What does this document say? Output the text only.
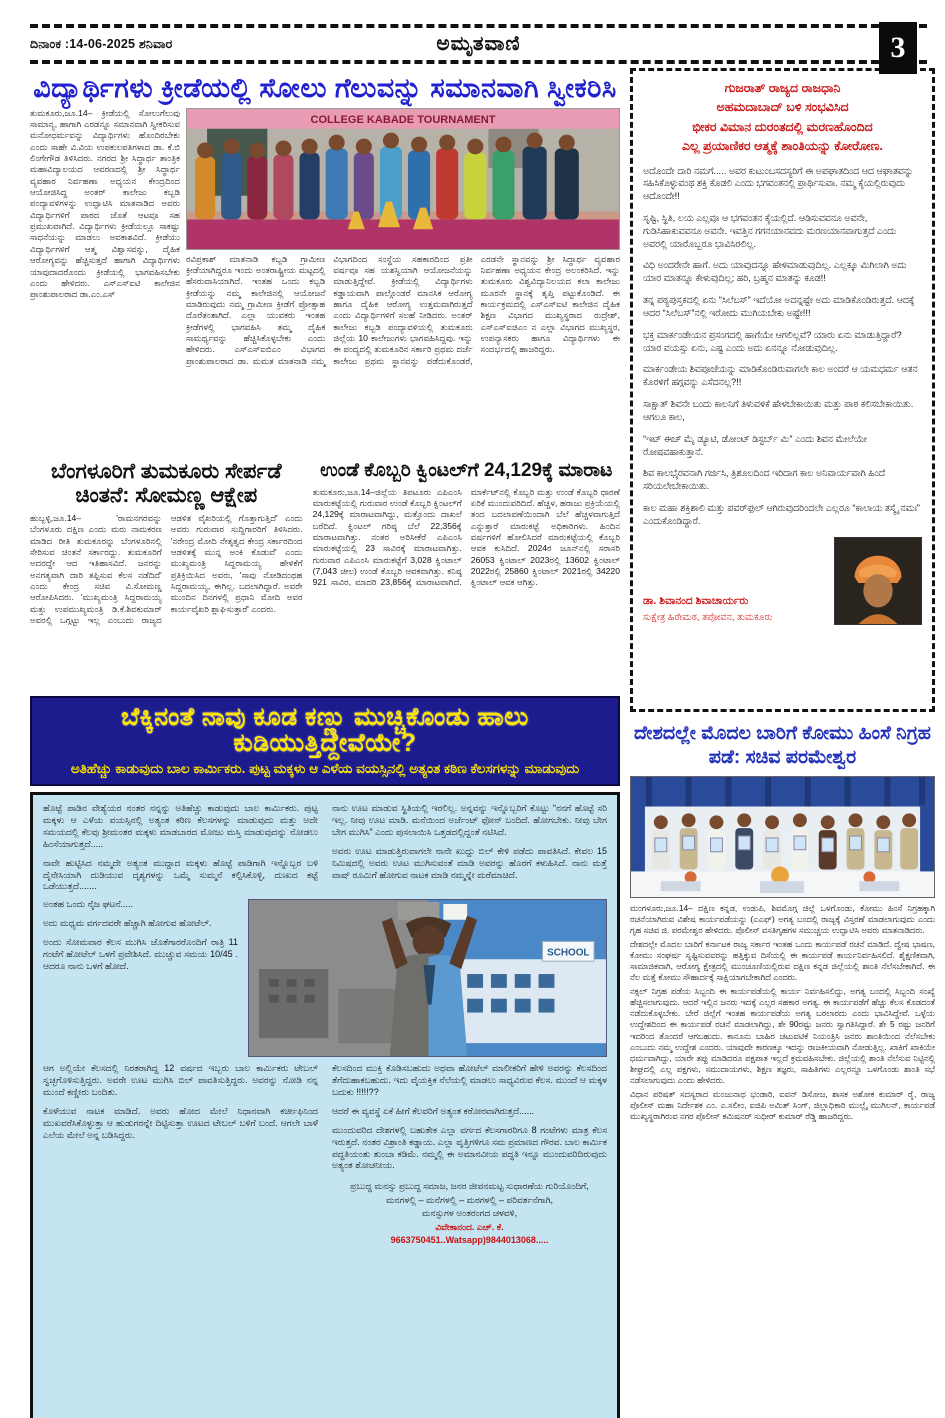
ದಿನಾಂಕ :14-06-2025 ಶನಿವಾರ	ಅಮೃತವಾಣಿ	3
ವಿದ್ಯಾರ್ಥಿಗಳು ಕ್ರೀಡೆಯಲ್ಲಿ ಸೋಲು ಗೆಲುವನ್ನು ಸಮಾನವಾಗಿ ಸ್ವೀಕರಿಸಿ
ತುಮಕೂರು,ಜೂ.14– ಕ್ರೀಡೆಯಲ್ಲಿ ಸೋಲುಗೆಲುವು ಸಾಮಾನ್ಯ, ಹಾಗಾಗಿ ಎರಡನ್ನೂ ಸಮಾನವಾಗಿ ಸ್ವೀಕರಿಸುವ ಮನೋಧರ್ಮವನ್ನು ವಿದ್ಯಾರ್ಥಿಗಳು ಹೊಂದಿರಬೇಕು ಎಂದು ಸಾಹೇ ವಿ.ವಿಯ ಉಪಕುಲಪತಿಗಳಾದ ಡಾ. ಕೆ.ಬಿ ಲಿಂಗೇಗೌಡ ತಿಳಿಸಿದರು. ನಗರದ ಶ್ರೀ ಸಿದ್ಧಾರ್ಥ ತಾಂತ್ರಿಕ ಮಹಾವಿದ್ಯಾಲಯದ ಆವರಣದಲ್ಲಿ ಶ್ರೀ ಸಿದ್ಧಾರ್ಥ ವ್ಯವಹಾರ ನಿರ್ವಹಣಾ ಅಧ್ಯಯನ ಕೇಂದ್ರದಿಂದ ಆಯೋಜಿಸಿದ್ದ ಅಂತರ್ ಕಾಲೇಜು ಕಬ್ಬಡಿ ಪಂದ್ಯಾವಳಿಗಳನ್ನು ಉದ್ಘಾಟಿಸಿ ಮಾತನಾಡಿದ ಅವರು ವಿದ್ಯಾರ್ಥಿಗಳಿಗೆ ಪಾಠದ ಜೊತೆ ಆಟವೂ ಸಹ ಪ್ರಮುಖವಾಗಿದೆ. ವಿದ್ಯಾರ್ಥಿಗಳು ಕ್ರೀಡೆಯಲ್ಲೂ ಸಾಕಷ್ಟು ಸಾಧನೆಯನ್ನು ಮಾಡಲು ಅವಕಾಶವಿದೆ. ಕ್ರೀಡೆಯು ವಿದ್ಯಾರ್ಥಿಗಳಿಗೆ ಆತ್ಮ ವಿಶ್ವಾಸವನ್ನು, ದೈಹಿಕ ಆರೋಗ್ಯವನ್ನು ಹೆಚ್ಚಿಸುತ್ತದೆ ಹಾಗಾಗಿ ವಿದ್ಯಾರ್ಥಿಗಳು ಯಾವುದಾದರೊಂದು ಕ್ರೀಡೆಯಲ್ಲಿ ಭಾಗವಹಿಸಬೇಕು ಎಂದು ಹೇಳಿದರು. ಎಸ್‌ಎಸ್‌ಐಟಿ ಕಾಲೇಜಿನ ಪ್ರಾಂಶುಪಾಲರಾದ ಡಾ.ಎಂ.ಎಸ್
COLLEGE KABADE TOURNAMENT
ರವಿಪ್ರಕಾಶ್ ಮಾತನಾಡಿ ಕಬ್ಬಡಿ ಗ್ರಾಮೀಣ ಕ್ರೀಡೆಯಾಗಿದ್ದರೂ ಇಂದು ಅಂತರಾಷ್ಟ್ರೀಯ ಮಟ್ಟದಲ್ಲಿ ಹೆಸರುವಾಸಿಯಾಗಿದೆ. ಇಂತಹ ಒಂದು ಕಬ್ಬಡಿ ಕ್ರೀಡೆಯನ್ನು ನಮ್ಮ ಕಾಲೇಜಿನಲ್ಲಿ ಆಯೋಜನೆ ಮಾಡಿರುವುದು ನಮ್ಮ ಗ್ರಾಮೀಣ ಕ್ರೀಡೆಗೆ ಪ್ರೋತ್ಸಾಹ ದೊರೆತಂತಾಗಿದೆ. ಎಲ್ಲಾ ಯುವಕರು ಇಂತಹ ಕ್ರೀಡೆಗಳಲ್ಲಿ ಭಾಗವಹಿಸಿ ತಮ್ಮ ದೈಹಿಕ ಸಾಮರ್ಥ್ಯವನ್ನು ಹೆಚ್ಚಿಸಿಕೊಳ್ಳಬೇಕು ಎಂದು ಹೇಳಿದರು. ಎಸ್‌ಎಸ್‌ಐಬಿಎಂ ವಿಭಾಗದ ಪ್ರಾಂಶುಪಾಲರಾದ ಡಾ. ಮಮತ ಮಾತನಾಡಿ ನಮ್ಮ ವಿಭಾಗದಿಂದ ಸಂಸ್ಥೆಯ ಸಹಕಾರದಿಂದ ಪ್ರತೀ ವರ್ಷವೂ ಸಹ ಯಶಸ್ವಿಯಾಗಿ ಆಯೋಜನೆಯನ್ನು ಮಾಡುತ್ತಿದ್ದೇವೆ. ಕ್ರೀಡೆಯಲ್ಲಿ ವಿದ್ಯಾರ್ಥಿಗಳು ಕಡ್ಡಾಯವಾಗಿ ಪಾಲ್ಗೊಂಡರೆ ಮಾನಸಿಕ ಆರೋಗ್ಯ ಹಾಗೂ ದೈಹಿಕ ಆರೋಗ್ಯ ಉತ್ತಮವಾಗಿರುತ್ತದೆ ಎಂದು ವಿದ್ಯಾರ್ಥಿಗಳಿಗೆ ಸಲಹೆ ನೀಡಿದರು. ಅಂತರ್ ಕಾಲೇಜು ಕಬ್ಬಡಿ ಪಂದ್ಯಾವಳಿಯಲ್ಲಿ ತುಮಕೂರು ಜಿಲ್ಲೆಯ 10 ಕಾಲೇಜುಗಳು ಭಾಗವಹಿಸಿದ್ದವು. ಇನ್ನು ಈ ಪಂದ್ಯದಲ್ಲಿ ತುಮಕೂರಿನ ಸರ್ಕಾರಿ ಪ್ರಥಮ ದರ್ಜೆ ಕಾಲೇಜು ಪ್ರಥಮ ಸ್ಥಾನವನ್ನು ಪಡೆದುಕೊಂಡರೆ, ಎರಡನೇ ಸ್ಥಾನವನ್ನು ಶ್ರೀ ಸಿದ್ಧಾರ್ಥ ವ್ಯವಹಾರ ನಿರ್ವಹಣಾ ಅಧ್ಯಯನ ಕೇಂದ್ರ ಅಲಂಕರಿಸಿದೆ. ಇನ್ನು ತುಮಕೂರು ವಿಶ್ವವಿದ್ಯಾನಿಲಯದ ಕಲಾ ಕಾಲೇಜು ಮೂರನೇ ಸ್ಥಾನಕ್ಕೆ ತೃಪ್ತಿ ಪಟ್ಟುಕೊಂಡಿದೆ. ಈ ಕಾರ್ಯಕ್ರಮದಲ್ಲಿ ಎಸ್‌ಎಸ್‌ಐಟಿ ಕಾಲೇಜಿನ ದೈಹಿಕ ಶಿಕ್ಷಣ ವಿಭಾಗದ ಮುಖ್ಯಸ್ಥರಾದ ರುದ್ರೇಶ್, ಎಸ್‌ಎಸ್‌ಐಜಿಎಂ ನ ಎಲ್ಲಾ ವಿಭಾಗದ ಮುಖ್ಯಸ್ಥರ, ಉಪನ್ಯಾಸಕರು ಹಾಗೂ ವಿದ್ಯಾರ್ಥಿಗಳು ಈ ಸಂದರ್ಭದಲ್ಲಿ ಹಾಜರಿದ್ದರು.
ಬೆಂಗಳೂರಿಗೆ ತುಮಕೂರು ಸೇರ್ಪಡೆ ಚಿಂತನೆ: ಸೋಮಣ್ಣ ಆಕ್ಷೇಪ
ಹುಬ್ಬಳ್ಳಿ,ಜೂ.14– 'ರಾಮನಗರವನ್ನು ಬೆಂಗಳೂರು ದಕ್ಷಿಣ ಎಂದು ಮರು ನಾಮಕರಣ ಮಾಡಿದ ರೀತಿ ತುಮಕೂರನ್ನು ಬೆಂಗಳೂರಿನಲ್ಲಿ ಸೇರಿಸುವ ಚಿಂತನೆ ಸರ್ಕಾರದ್ದು. ತುಮಕೂರಿಗೆ ಅದರದ್ದೇ ಆದ ಇತಿಹಾಸವಿದೆ. ಜನರನ್ನು ಅನಗತ್ಯವಾಗಿ ದಾರಿ ತಪ್ಪಿಸುವ ಕೆಲಸ ನಡೆದಿದೆ' ಎಂದು ಕೇಂದ್ರ ಸಚಿವ ವಿ.ಸೋಮಣ್ಣ ಆರೋಪಿಸಿದರು. 'ಮುಖ್ಯಮಂತ್ರಿ ಸಿದ್ದರಾಮಯ್ಯ ಮತ್ತು ಉಪಮುಖ್ಯಮಂತ್ರಿ ಡಿ.ಕೆ.ಶಿವಕುಮಾರ್ ಅವರಲ್ಲಿ ಒಗ್ಗಟ್ಟು ಇಲ್ಲ ಎಂಬುದು ರಾಜ್ಯದ ಆಡಳಿತ ವೈಖರಿಯಲ್ಲಿ ಗೊತ್ತಾಗುತ್ತಿದೆ' ಎಂದು ಅವರು ಗುರುವಾರ ಸುದ್ದಿಗಾರರಿಗೆ ತಿಳಿಸಿದರು. 'ನರೇಂದ್ರ ಮೋದಿ ನೇತೃತ್ವದ ಕೇಂದ್ರ ಸರ್ಕಾರದಿಂದ ಆಡಳಿತಕ್ಕೆ ಮುನ್ನ ಅಂಕಿ ಕೊಡುವೆ' ಎಂದು ಮುಖ್ಯಮಂತ್ರಿ ಸಿದ್ದರಾಮಯ್ಯ ಹೇಳಿಕೆಗೆ ಪ್ರತಿಕ್ರಿಯಿಸಿದ ಅವರು, 'ಸಾವು ನೋಡಿದಂಥಹ ಸಿದ್ದರಾಮಯ್ಯ, ಈಗಿಲ್ಲ. ಬದಲಾಗಿದ್ದಾರೆ. ಅವರೇ ಮುಂದಿನ ದಿನಗಳಲ್ಲಿ ಪ್ರಧಾನಿ ಮೋದಿ ಅವರ ಕಾರ್ಯವೈಖರಿ ಶ್ಲಾಘಿಸುತ್ತಾರೆ' ಎಂದರು.
ಉಂಡೆ ಕೊಬ್ಬರಿ ಕ್ವಿಂಟಲ್‌ಗೆ 24,129ಕ್ಕೆ ಮಾರಾಟ
ತುಮಕೂರು,ಜೂ.14–ಜಿಲ್ಲೆಯ ತಿಪಟೂರು ಎಪಿಎಂಸಿ ಮಾರುಕಟ್ಟೆಯಲ್ಲಿ ಗುರುವಾರ ಉಂಡೆ ಕೊಬ್ಬರಿ ಕ್ವಿಂಟಲ್‌ಗೆ 24,129ಕ್ಕೆ ಮಾರಾಟವಾಗಿದ್ದು, ಮತ್ತೊಂದು ದಾಖಲೆ ಬರೆದಿದೆ. ಕ್ವಿಂಟಲ್ ಗರಿಷ್ಠ ಬೆಲೆ 22,356ಕ್ಕೆ ಮಾರಾಟವಾಗಿತ್ತು. ನಂತರ ಅರಿಸೀಕೆರೆ ಎಪಿಎಂಸಿ ಮಾರುಕಟ್ಟೆಯಲ್ಲಿ 23 ಸಾವಿರಕ್ಕೆ ಮಾರಾಟವಾಗಿತ್ತು. ಗುರುವಾರ ಎಪಿಎಂಸಿ ಮಾರುಕಟ್ಟೆಗೆ 3,028 ಕ್ವಿಂಟಾಲ್ (7,043 ಚೀಲ) ಉಂಡೆ ಕೊಬ್ಬರಿ ಆವಕವಾಗಿತ್ತು. ಕನಿಷ್ಠ 921 ಸಾವಿರ, ಮಾದರಿ 23,856ಕ್ಕೆ ಮಾರಾಟವಾಗಿದೆ. ಮಾರ್ಕೆಟ್‌ನಲ್ಲಿ ಕೊಬ್ಬರಿ ಮತ್ತು ಉಂಡೆ ಕೊಬ್ಬರಿ ಧಾರಣೆ ಏರಿಕೆ ಮುಂದುವರಿದಿದೆ. ಹೆಚ್ಚಳ, ಹರಾಜು ಪ್ರಕ್ರಿಯೆಯಲ್ಲಿ ತಂದ ಬದಲಾವಣೆಯಿಂದಾಗಿ ಬೆಲೆ ಹೆಚ್ಚಳವಾಗುತ್ತಿದೆ ಎನ್ನುತ್ತಾರೆ ಮಾರುಕಟ್ಟೆ ಅಧಿಕಾರಿಗಳು. ಹಿಂದಿನ ವರ್ಷಗಳಿಗೆ ಹೋಲಿಸಿದರೆ ಮಾರುಕಟ್ಟೆಯಲ್ಲಿ ಕೊಬ್ಬರಿ ಆವಕ ಕುಸಿದಿದೆ. 2024ರ ಜೂನ್‌ನಲ್ಲಿ ಸರಾಸರಿ 26053 ಕ್ವಿಂಟಾಲ್ 2023ರಲ್ಲಿ 13602 ಕ್ವಿಂಟಾಲ್ 2022ರಲ್ಲಿ 25860 ಕ್ವಿಂಟಾಲ್ 2021ರಲ್ಲಿ 34220 ಕ್ವಿಂಟಾಲ್ ಆವಕ ಆಗಿತ್ತು.
ಬೆಕ್ಕಿನಂತೆ ನಾವು ಕೂಡ ಕಣ್ಣು ಮುಚ್ಚಿಕೊಂಡು ಹಾಲು ಕುಡಿಯುತ್ತಿದ್ದೇವೆಯೇ?
ಅತಿಹೆಚ್ಚು ಕಾಡುವುದು ಬಾಲ ಕಾರ್ಮಿಕರು. ಪುಟ್ಟ ಮಕ್ಕಳು ಆ ಎಳೆಯ ವಯಸ್ಸಿನಲ್ಲಿ ಅತ್ಯಂತ ಕಠಿಣ ಕೆಲಸಗಳನ್ನು ಮಾಡುವುದು

ಹೊಟ್ಟೆ ಪಾಡಿನ ವೇಶ್ಯೆಯರ ನಂತರ ನನ್ನನ್ನು ಅತಿಹೆಚ್ಚು ಕಾಡುವುದು ಬಾಲ ಕಾರ್ಮಿಕರು. ಪುಟ್ಟ ಮಕ್ಕಳು ಆ ಎಳೆಯ ವಯಸ್ಸಿನಲ್ಲಿ ಅತ್ಯಂತ ಕಠಿಣ ಕೆಲಸಗಳನ್ನು ಮಾಡುವುದು ಮತ್ತು ಅದೇ ಸಮಯದಲ್ಲಿ ಕೆಲವು ಶ್ರೀಮಂತರ ಮಕ್ಕಳು ಮಾಡಬಾರದ ಮೋಜು ಮಸ್ತಿ ಮಾಡುವುದನ್ನು ನೋಡಲು ಹಿಂಸೆಯಾಗುತ್ತದೆ.....

ನಾವೇ ಹುಟ್ಟಿಸಿದ ನಮ್ಮದೇ ಅತ್ಯಂತ ಮುದ್ದಾದ ಮಕ್ಕಳು ಹೊಟ್ಟೆ ಪಾಡಿಗಾಗಿ ಇನ್ನೊಬ್ಬರ ಬಳಿ ದೈನೇಸಿಯಾಗಿ ದುಡಿಯುವ ದೃಶ್ಯಗಳನ್ನು ಒಮ್ಮೆ ಸುಮ್ಮನೆ ಕಲ್ಪಿಸಿಕೊಳ್ಳಿ, ದುಃಖದ ಕಟ್ಟೆ ಒಡೆಯುತ್ತದೆ.......

ನಾನು ಊಟ ಮಾಡುವ ಸ್ಥಿತಿಯಲ್ಲಿ ಇರಲಿಲ್ಲ. ಅನ್ನವನ್ನು ಇನ್ನೊಬ್ಬರಿಗೆ ಕೊಟ್ಟು “ನನಗೆ ಹೊಟ್ಟೆ ಸರಿ ಇಲ್ಲ. ನೀವು ಊಟ ಮಾಡಿ. ಮನೆಯಿಂದ ಅರ್ಜೆಂಟ್ ಫೋನ್ ಬಂದಿದೆ. ಹೋಗಬೇಕು. ನೀವು ಬೇಗ ಬೇಗ ಮುಗಿಸಿ” ಎಂದು ಪುಸಲಾಯಿಸಿ ಒತ್ತಡದಲ್ಲಿದ್ದಂತೆ ನಟಿಸಿದೆ.

ಅವರು ಊಟ ಮಾಡುತ್ತಿರುವಾಗಲೇ ನಾನೇ ಖುದ್ದು ಬಿಲ್ ಕೇಳಿ ಪಡೆದು ಪಾವತಿಸಿದೆ. ಕೇವಲ 15 ನಿಮಿಷದಲ್ಲಿ ಅವರು ಊಟ ಮುಗಿಸುವಂತೆ ಮಾಡಿ ಅವರನ್ನು ಹೊರಗೆ ಕಳುಹಿಸಿದೆ. ನಾನು ಮತ್ತೆ ವಾಷ್ ರೂಮಿಗೆ ಹೋಗುವ ನಾಟಕ ಮಾಡಿ ನಮ್ಮನ್ನೇ ಮರೆಮಾಚಿದೆ.

ಅಂತಹ ಒಂದು ನೈಜ ಘಟನೆ.....

ಅದು ಮಧ್ಯಮ ವರ್ಗದವರೇ ಹೆಚ್ಚಾಗಿ ಹೋಗುವ ಹೋಟೆಲ್.

ಅಂದು ಸೋಮವಾರ ಕೆಲಸ ಮುಗಿಸಿ ಜೊತೆಗಾರರೊಂದಿಗೆ ರಾತ್ರಿ 11 ಗಂಟೆಗೆ ಹೋಟೆಲ್ ಒಳಗೆ ಪ್ರವೇಶಿಸಿದೆ. ಮುಚ್ಚುವ ಸಮಯ 10/45 . ಆದರೂ ನಾನು ಒಳಗೆ ಹೋದೆ.

SCHOOL

ಆಗ ಅಲ್ಲಿಯೇ ಕೆಲಸದಲ್ಲಿ ನಿರತರಾಗಿದ್ದ 12 ವರ್ಷದ ಇಬ್ಬರು ಬಾಲ ಕಾರ್ಮಿಕರು ಟೇಬಲ್ ಸ್ವಚ್ಛಗೊಳಿಸುತ್ತಿದ್ದರು. ಅವರೇ ಊಟ ಮುಗಿಸಿ ಬಿಲ್ ಪಾವತಿಸುತ್ತಿದ್ದರು. ಅವರನ್ನು ನೋಡಿ ನನ್ನ ಮುಂದೆ ಕಣ್ಣೀರು ಬಂದಿತು.

ಕೊಳೆಯುವ ನಾಟಕ ಮಾಡಿದೆ. ಅವರು ಹೋದ ಮೇಲೆ ನಿಧಾನವಾಗಿ ಕರ್ಚೀಫಿನಿಂದ ಮುಖವರೆಸಿಕೊಳ್ಳುತ್ತಾ ಆ ಹುಡುಗರನ್ನೇ ದಿಟ್ಟಿಸುತ್ತಾ ಊಟದ ಟೇಬಲ್ ಬಳಿಗೆ ಬಂದೆ. ಆಗಲೇ ಬಾಳೆ ಎಲೆಯ ಮೇಲೆ ಅನ್ನ ಬಡಿಸಿದ್ದರು.

ಕೆಲಸದಿಂದ ಮುಕ್ತಿ ಕೊಡಿಸಬಹುದು ಅಥವಾ ಹೋಟೆಲ್ ಮಾಲೀಕರಿಗೆ ಹೇಳಿ ಅವರನ್ನು ಕೆಲಸದಿಂದ ತೆಗೆದುಹಾಕಬಹುದು. ಇದು ವೈಯಕ್ತಿಕ ನೆಲೆಯಲ್ಲಿ ಮಾಡಲು ಸಾಧ್ಯವಿರುವ ಕೆಲಸ. ಮುಂದೆ ಆ ಮಕ್ಕಳ ಬದುಕು !!!!!??

ಆದರೆ ಈ ವ್ಯವಸ್ಥೆ ಏಕೆ ಹೀಗೆ ಕೆಲವರಿಗೆ ಅತ್ಯಂತ ಕಠೋರವಾಗಿರುತ್ತದೆ......

ಮುಂದುವರಿದ ದೇಶಗಳಲ್ಲಿ ಬಹುತೇಕ ಎಲ್ಲಾ ವರ್ಗದ ಕೆಲಸಗಾರರಿಗೂ 8 ಗಂಟೆಗಳು ಮಾತ್ರ ಕೆಲಸ ಇರುತ್ತದೆ. ನಂತರ ವಿಶ್ರಾಂತಿ ಕಡ್ಡಾಯ. ಎಲ್ಲಾ ವೃತ್ತಿಗಳಿಗೂ ಸಮ ಪ್ರಮಾಣದ ಗೌರವ. ಬಾಲ ಕಾರ್ಮಿಕ ಪದ್ಧತಿಯಂತು ತುಂಬಾ ಕಡಿಮೆ. ನಮ್ಮಲ್ಲಿ ಈ ಅಮಾನವೀಯ ಪದ್ಧತಿ ಇನ್ನೂ ಮುಂದುವರಿದಿರುವುದು ಅತ್ಯಂತ ಶೋಚನೀಯ.

ಪ್ರಬುದ್ಧ ಮನಸ್ಸು ಪ್ರಬುದ್ಧ ಸಮಾಜ, ಜನರ ಜೀವನಮಟ್ಟ ಸುಧಾರಣೆಯ ಗುರಿಯೊಂದಿಗೆ,
ಮನಗಳಲ್ಲಿ – ಮನೆಗಳಲ್ಲಿ – ಮಠಗಳಲ್ಲಿ – ಪರಿವರ್ತನೆಗಾಗಿ,
ಮನಸ್ಸುಗಳ ಅಂತರಂಗದ ಚಳವಳಿ,
ವಿವೇಕಾನಂದ. ಎಚ್. ಕೆ.
9663750451..Watsapp)9844013068.....
ಗುಜರಾತ್ ರಾಜ್ಯದ ರಾಜಧಾನಿ
ಅಹಮದಾಬಾದ್ ಬಳಿ ಸಂಭವಿಸಿದ
ಭೀಕರ ವಿಮಾನ ದುರಂತದಲ್ಲಿ ಮರಣಹೊಂದಿದ
ಎಲ್ಲ ಪ್ರಯಾಣಿಕರ ಆತ್ಮಕ್ಕೆ ಶಾಂತಿಯನ್ನು ಕೋರೋಣ.

ಅದೊಂದೇ ದಾರಿ ನಮಗೆ..... ಅವರ ಕುಟುಂಬಸದಸ್ಯರಿಗೆ ಈ ಅಪಘಾತದಿಂದ ಆದ ಆಘಾತವನ್ನು ಸಹಿಸಿಕೊಳ್ಳುವಂಥ ಶಕ್ತಿ ಕೊಡಲಿ ಎಂದು ಭಗವಂತನಲ್ಲಿ ಪ್ರಾರ್ಥಿಸುವಾ. ನಮ್ಮ ಕೈಯಲ್ಲಿರುವುದು ಆದೊಂದೇ!!

ಸೃಷ್ಟಿ, ಸ್ಥಿತಿ, ಲಯ ಎಲ್ಲವೂ ಆ ಭಗವಂತನ ಕೈಯಲ್ಲಿದೆ. ಆಡಿಸುವವನೂ ಅವನೇ, ಗುಡಿಸಿಹಾಕುವವನೂ ಅವನೇ. ಇವತ್ತಿನ ಗಗನಯಾನವದು ಮರಣಯಾನವಾಗುತ್ತದೆ ಎಂದು ಅವರಲ್ಲಿ ಯಾರೊಬ್ಬರೂ ಭಾವಿಸಿರಲಿಲ್ಲ.

ವಿಧಿ ಅಂದರೇನೇ ಹಾಗೆ. ಅದು ಯಾವುದನ್ನೂ ಹೇಳಿಮಾಡುವುದಿಲ್ಲ. ಎಲ್ಲಕ್ಕೂ ಮಿಗಿಲಾಗಿ ಅದು ಯಾರ ಮಾತನ್ನೂ ಕೇಳುವುದಿಲ್ಲ; ಹರಿ, ಬ್ರಹ್ಮನ ಮಾತನ್ನು ಕೂಡ!!

ತನ್ನ ಪಠ್ಯಪುಸ್ತಕದಲ್ಲಿ ಏನು “ಸಿಲೆಬಸ್” ಇದೆಯೋ ಅದನ್ನಷ್ಟೇ ಅದು ಮಾಡಿಕೊಂಡಿರುತ್ತದೆ. ಆದಕ್ಕೆ ಆದರ “ಸಿಲೆಬಸ್”ನಲ್ಲಿ ಇರೋದು ಮುಗಿಯಬೇಕು ಅಷ್ಟೇ!!!

ಭಕ್ತ ಮಾರ್ಕಂಡೇಯನ ಪ್ರಸಂಗದಲ್ಲಿ ಹಾಗೆಯೇ ಆಗಲಿಲ್ಲವೆ? ಯಾರು ಏನು ಮಾಡುತ್ತಿದ್ದಾರೆ? ಯಾರ ವಯಸ್ಸು ಏನು, ಎಷ್ಟ ಎಂದು ಅದು ಏನನ್ನೂ ನೋಡುವುದಿಲ್ಲ.

ಮಾರ್ಕಂಡೇಯ ಶಿವಪೂಜೆಯನ್ನು ಮಾಡಿಕೊಂಡಿರುವಾಗಲೇ ಕಾಲ ಅಂದರೆ ಆ ಯಮಧರ್ಮ ಆತನ ಕೊರಳಿಗೆ ಹಗ್ಗವನ್ನು ಎಸೆದನಲ್ಲ?!!

ಸಾಕ್ಷಾತ್ ಶಿವನೇ ಬಂದು ಕಾಲನಿಗೆ ತಿಳುವಳಿಕೆ ಹೇಳಬೇಕಾಯಿತು ಮತ್ತು ಪಾಠ ಕಲಿಸಬೇಕಾಯಿತು. ಆಗಲೂ ಕಾಲ,

“ಇಟ್ ಈಚ್ ಮೈ ಡ್ಯೂಟಿ, ಡೋಂಟ್ ಡಿಸ್ಟರ್ಬ್ ಮಿ” ಎಂದು ಶಿವನ ಮೇಲೆಯೇ ರೋಷವಹಾಕುತ್ತಾನೆ.

ಶಿವ ಕಾಲಭೈರವನಾಗಿ ಗರ್ಜಿಸಿ, ತ್ರಿಶೂಲದಿಂದ ಇರಿದಾಗ ಕಾಲ ಅನಿವಾರ್ಯವಾಗಿ ಹಿಂದೆ ಸರಿಯಲೇಬೇಕಾಯಿತು.

ಕಾಲ ಮಹಾ ಶಕ್ತಿಶಾಲಿ ಮತ್ತು ಪವರ್‌ಫುಲ್ ಆಗಿರುವುದರಿಂದಲೇ ಎಲ್ಲರೂ “ಕಾಲಾಯ ತಸ್ಮೈ ನಮಃ” ಎಂದುಕೊಂಡಿದ್ದಾರೆ.

ಡಾ. ಶಿವಾನಂದ ಶಿವಾಚಾರ್ಯರು
ಸುಕ್ಷೇತ್ರ ಹಿರೇಮಠ, ತಪೋವನ, ತುಮಕೂರು
ದೇಶದಲ್ಲೇ ಮೊದಲ ಬಾರಿಗೆ ಕೋಮು ಹಿಂಸೆ ನಿಗ್ರಹ ಪಡೆ: ಸಚಿವ ಪರಮೇಶ್ವರ

ಮಂಗಳೂರು,ಜೂ.14– ದಕ್ಷಿಣ ಕನ್ನಡ, ಉಡುಪಿ, ಶಿವಮೊಗ್ಗ ಜಿಲ್ಲೆ ಒಳಗೊಂಡು, ಕೋಮು ಹಿಂಸೆ ನಿಗ್ರಹಕ್ಕಾಗಿ ರಚನೆಯಾಗಿರುವ ವಿಶೇಷ ಕಾರ್ಯಪಡೆಯನ್ನು (ಎಎಫ್) ಅಗತ್ಯ ಬಂದಲ್ಲಿ ರಾಜ್ಯಕ್ಕೆ ವಿಸ್ತರಣೆ ಮಾಡಲಾಗುವುದು ಎಂದು ಗೃಹ ಸಚಿವ ಜಿ. ಪರಮೇಶ್ವರ ಹೇಳಿದರು. ಪೊಲೀಸ್ ವಸತಿಗೃಹಗಳ ಸಮುಚ್ಚಯ ಉದ್ಘಾಟಿಸಿ ಅವರು ಮಾತನಾಡಿದರು.

ದೇಶದಲ್ಲೇ ಮೊದಲ ಬಾರಿಗೆ ಕರ್ನಾಟಕ ರಾಜ್ಯ ಸರ್ಕಾರ ಇಂತಹ ಒಂದು ಕಾರ್ಯಪಡೆ ರಚನೆ ಮಾಡಿದೆ. ದ್ವೇಷ ಭಾಷಣ, ಕೋಮು ಸಂಘರ್ಷ ಸೃಷ್ಟಿಸುವವರನ್ನು ಹತ್ತಿಕ್ಕುವ ದಿಸೆಯಲ್ಲಿ ಈ ಕಾರ್ಯಪಡೆ ಕಾರ್ಯನಿರ್ವಹಿಸಲಿದೆ. ಶೈಕ್ಷಣಿಕವಾಗಿ, ಸಾಮಾಜಿಕವಾಗಿ, ಆರೋಗ್ಯ ಕ್ಷೇತ್ರದಲ್ಲಿ ಮುಂಚೂಣಿಯಲ್ಲಿರುವ ದಕ್ಷಿಣ ಕನ್ನಡ ಜಿಲ್ಲೆಯಲ್ಲಿ ಶಾಂತಿ ನೆಲೆಸಬೇಕಾಗಿದೆ. ಈ ನೆಲ ಮತ್ತೆ ಕೋಮು ಸೌಹಾರ್ದಕ್ಕೆ ಸಾಕ್ಷಿಯಾಗಬೇಕಾಗಿದೆ ಎಂದರು.

ನಕ್ಸಲ್ ನಿಗ್ರಹ ಪಡೆಯ ಸಿಬ್ಬಂದಿ ಈ ಕಾರ್ಯಪಡೆಯಲ್ಲಿ ಕಾರ್ಯ ನಿರ್ವಹಿಸಲಿದ್ದು, ಅಗತ್ಯ ಬಂದಲ್ಲಿ ಸಿಬ್ಬಂದಿ ಸಂಖ್ಯೆ ಹೆಚ್ಚಿಸಲಾಗುವುದು. ಆದರೆ ಇಲ್ಲಿನ ಜನರು ಇದಕ್ಕೆ ಎಲ್ಲರ ಸಹಕಾರ ಅಗತ್ಯ. ಈ ಕಾರ್ಯಪಡೆಗೆ ಹೆಚ್ಚು ಕೆಲಸ ಕೊಡದಂತೆ ನಡೆದುಕೊಳ್ಳಬೇಕು. ಬೇರೆ ಜಿಲ್ಲೆಗೆ ಇಂತಹ ಕಾರ್ಯಪಡೆಯ ಅಗತ್ಯ ಬರಲಾರದು ಎಂದು ಭಾವಿಸಿದ್ದೇವೆ. ಒಳ್ಳೆಯ ಉದ್ದೇಶದಿಂದ ಈ ಕಾರ್ಯಪಡೆ ರಚನೆ ಮಾಡಲಾಗಿದ್ದು, ಶೇ 90ರಷ್ಟು ಜನರು ಸ್ವಾಗತಿಸಿದ್ದಾರೆ. ಶೇ 5 ರಷ್ಟು ಜನರಿಗೆ ಇದರಿಂದ ತೊಂದರೆ ಆಗಬಹುದು. ಕಾನೂನು ಬಾಹಿರ ಚಟುವಟಿಕೆ ನಿಯಂತ್ರಿಸಿ ಜನರು ಶಾಂತಿಯಿಂದ ನೆಲೆಸಬೇಕು ಎಂಬುದು ನಮ್ಮ ಉದ್ದೇಶ ಎಂದರು. ಯಾವುದೇ ಕಾರಣಕ್ಕೂ ಇದನ್ನು ರಾಜಕೀಯವಾಗಿ ನೋಡುತ್ತಿಲ್ಲ. ಖಾಕಿಗೆ ಖಾಕಿಯೇ ಧರ್ಮವಾಗಿದ್ದು, ಯಾರೇ ತಪ್ಪು ಮಾಡಿದರೂ ಪಕ್ಷಪಾತ ಇಲ್ಲದೆ ಕ್ರಮವಹಿಸಬೇಕು. ಜಿಲ್ಲೆಯಲ್ಲಿ ಶಾಂತಿ ನೆಲೆಸುವ ನಿಟ್ಟಿನಲ್ಲಿ ಶೀಘ್ರದಲ್ಲಿ ಎಲ್ಲ ಪಕ್ಷಗಳು, ಸಮುದಾಯಗಳು, ಶಿಕ್ಷಣ ತಜ್ಞರು, ಸಾಹಿತಿಗಳು ಎಲ್ಲರನ್ನೂ ಒಳಗೊಂಡು ಶಾಂತಿ ಸಭೆ ನಡೆಸಲಾಗುವುದು ಎಂದು ಹೇಳಿದರು.

ವಿಧಾನ ಪರಿಷತ್ ಸದಸ್ಯರಾದ ಮಂಜುನಾಥ ಭಂಡಾರಿ, ಐವನ್ ಡಿಸೋಜ, ಶಾಸಕ ಅಶೋಕ ಕುಮಾರ್ ರೈ, ರಾಜ್ಯ ಪೊಲೀಸ್ ಮಹಾ ನಿರ್ದೇಶಕ ಎಂ. ಎ.ಸಲೀಂ, ಐಜಿಪಿ ಅಮಿತ್ ಸಿಂಗ್, ಜಿಲ್ಲಾಧಿಕಾರಿ ಮುಲ್ಲೈ ಮುಗಿಲನ್, ಕಾರ್ಯಪಡೆ ಮುಖ್ಯಸ್ಥರಾಗಿರುವ ನಗರ ಪೊಲೀಸ್ ಕಮಿಷನರ್ ಸುಧೀರ್ ಕುಮಾರ್ ರೆಡ್ಡಿ ಹಾಜರಿದ್ದರು.
